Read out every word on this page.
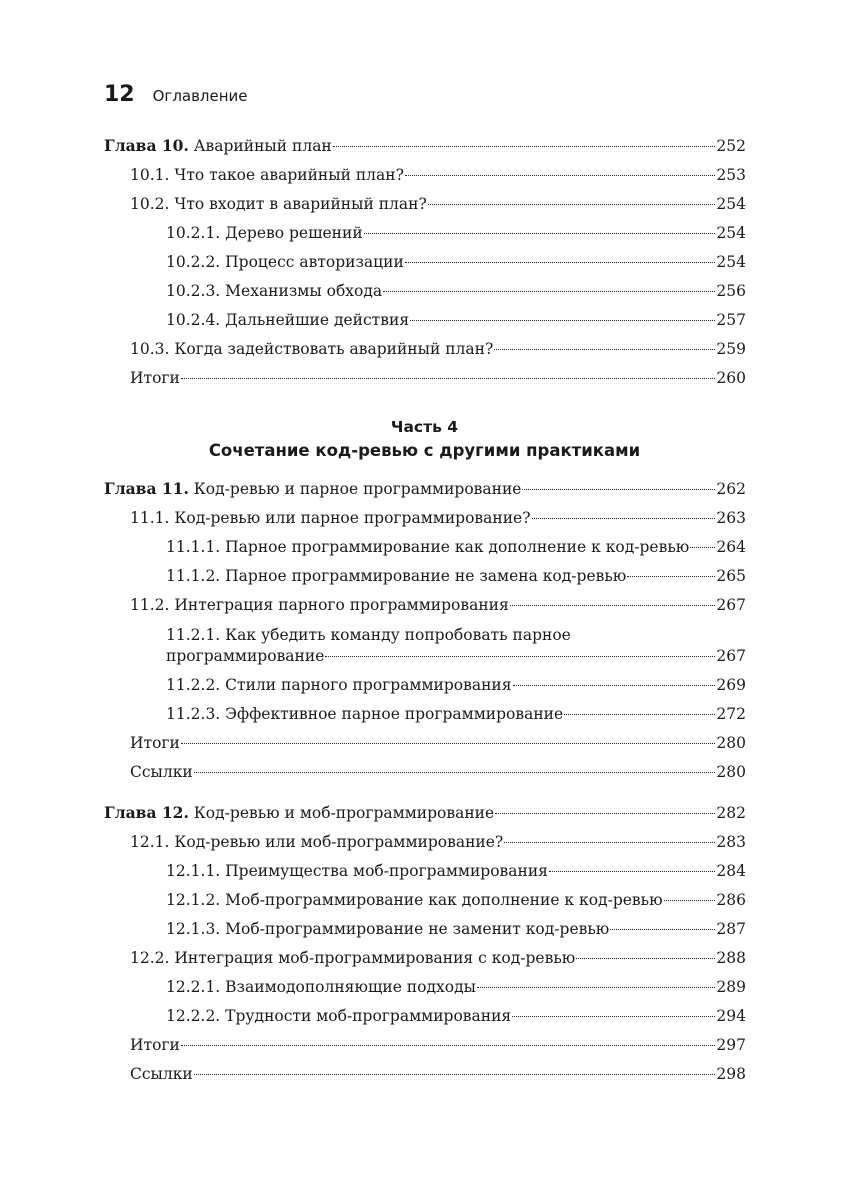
12 Оглавление
Глава 10. Аварийный план	252
10.1. Что такое аварийный план?	253
10.2. Что входит в аварийный план?	254
10.2.1. Дерево решений	254
10.2.2. Процесс авторизации	254
10.2.3. Механизмы обхода	256
10.2.4. Дальнейшие действия	257
10.3. Когда задействовать аварийный план?	259
Итоги	260
Часть 4
Сочетание код-ревью с другими практиками
Глава 11. Код-ревью и парное программирование	262
11.1. Код-ревью или парное программирование?	263
11.1.1. Парное программирование как дополнение к код-ревью 264
11.1.2. Парное программирование не замена код-ревью	265
11.2. Интеграция парного программирования	267
11.2.1. Как убедить команду попробовать парное
программирование	267
11.2.2. Стили парного программирования	269
11.2.3. Эффективное парное программирование	272
Итоги	280
Ссылки	280
Глава 12. Код-ревью и моб-программирование	282
12.1. Код-ревью или моб-программирование?	283
12.1.1. Преимущества моб-программирования	284
12.1.2. Моб-программирование как дополнение к код-ревью	286
12.1.3. Моб-программирование не заменит код-ревью	287
12.2. Интеграция моб-программирования с код-ревью	288
12.2.1. Взаимодополняющие подходы	289
12.2.2. Трудности моб-программирования	294
Итоги	297
Ссылки	298
